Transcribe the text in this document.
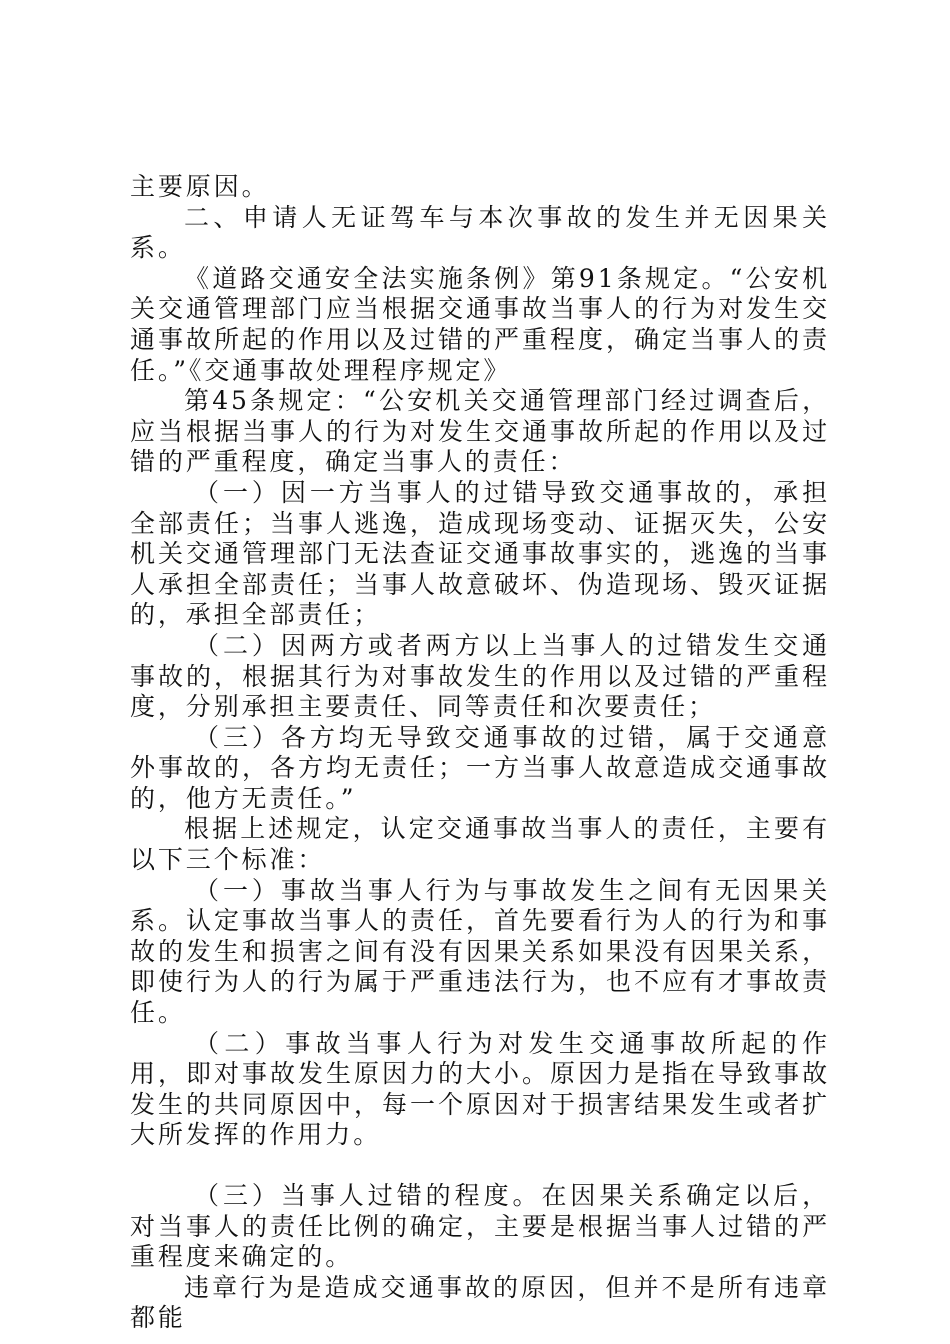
主要原因。

二、申请人无证驾车与本次事故的发生并无因果关系。

《道路交通安全法实施条例》第91条规定。“公安机关交通管理部门应当根据交通事故当事人的行为对发生交通事故所起的作用以及过错的严重程度，确定当事人的责任。”《交通事故处理程序规定》

第45条规定：“公安机关交通管理部门经过调查后，应当根据当事人的行为对发生交通事故所起的作用以及过错的严重程度，确定当事人的责任：

（一）因一方当事人的过错导致交通事故的，承担全部责任；当事人逃逸，造成现场变动、证据灭失，公安机关交通管理部门无法查证交通事故事实的，逃逸的当事人承担全部责任；当事人故意破坏、伪造现场、毁灭证据的，承担全部责任；

（二）因两方或者两方以上当事人的过错发生交通事故的，根据其行为对事故发生的作用以及过错的严重程度，分别承担主要责任、同等责任和次要责任；

（三）各方均无导致交通事故的过错，属于交通意外事故的，各方均无责任；一方当事人故意造成交通事故的，他方无责任。”

根据上述规定，认定交通事故当事人的责任，主要有以下三个标准：

（一）事故当事人行为与事故发生之间有无因果关系。认定事故当事人的责任，首先要看行为人的行为和事故的发生和损害之间有没有因果关系如果没有因果关系，即使行为人的行为属于严重违法行为，也不应有才事故责任。

（二）事故当事人行为对发生交通事故所起的作用，即对事故发生原因力的大小。原因力是指在导致事故发生的共同原因中，每一个原因对于损害结果发生或者扩大所发挥的作用力。

（三）当事人过错的程度。在因果关系确定以后，对当事人的责任比例的确定，主要是根据当事人过错的严重程度来确定的。

违章行为是造成交通事故的原因，但并不是所有违章都能
